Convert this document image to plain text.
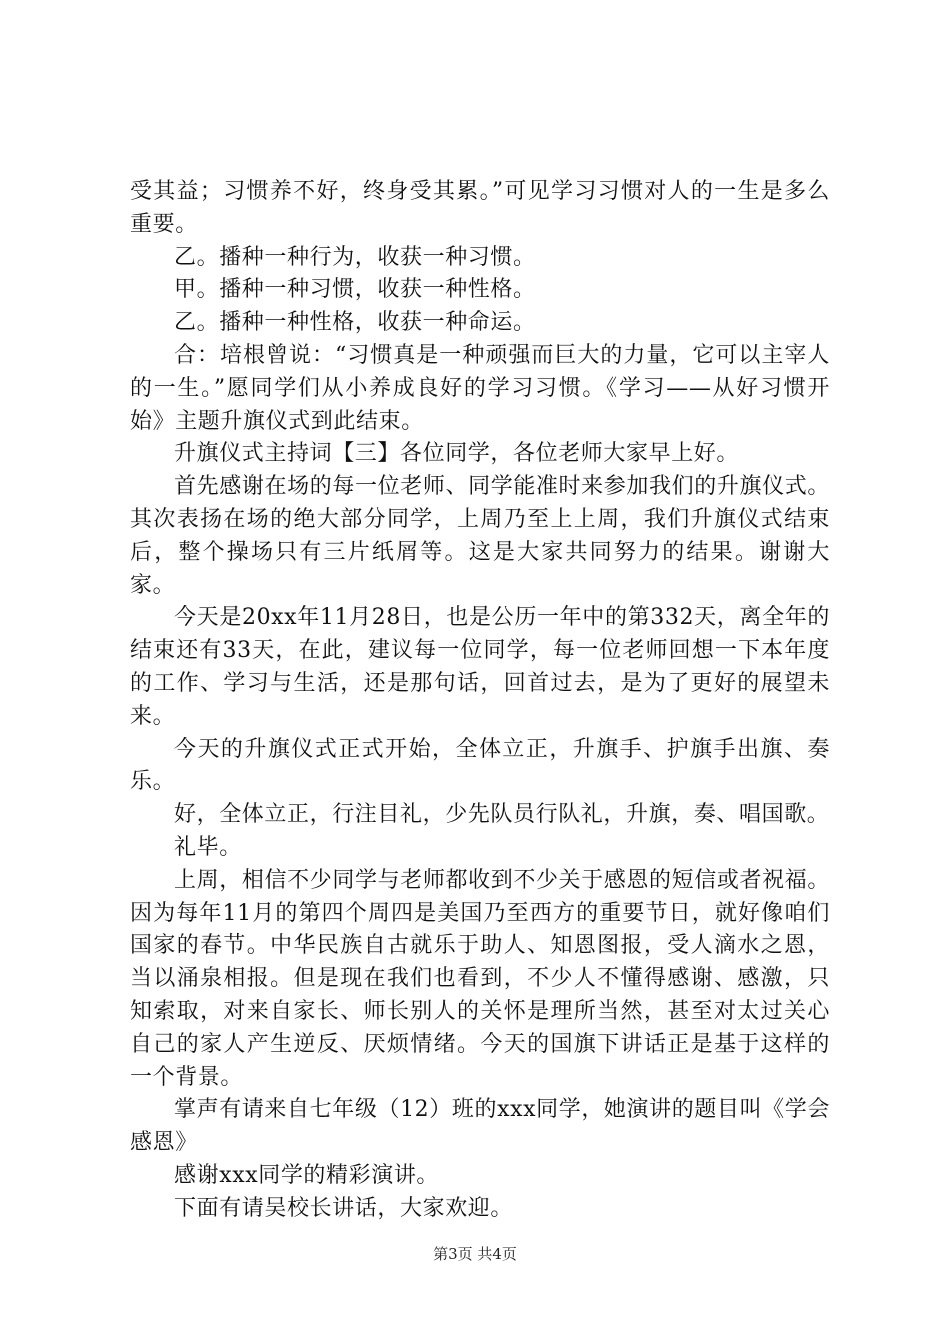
受其益；习惯养不好，终身受其累。”可见学习习惯对人的一生是多么重要。

乙。播种一种行为，收获一种习惯。

甲。播种一种习惯，收获一种性格。

乙。播种一种性格，收获一种命运。

合：培根曾说：“习惯真是一种顽强而巨大的力量，它可以主宰人的一生。”愿同学们从小养成良好的学习习惯。《学习——从好习惯开始》主题升旗仪式到此结束。

升旗仪式主持词【三】各位同学，各位老师大家早上好。

首先感谢在场的每一位老师、同学能准时来参加我们的升旗仪式。其次表扬在场的绝大部分同学，上周乃至上上周，我们升旗仪式结束后，整个操场只有三片纸屑等。这是大家共同努力的结果。谢谢大家。

今天是20xx年11月28日，也是公历一年中的第332天，离全年的结束还有33天，在此，建议每一位同学，每一位老师回想一下本年度的工作、学习与生活，还是那句话，回首过去，是为了更好的展望未来。

今天的升旗仪式正式开始，全体立正，升旗手、护旗手出旗、奏乐。

好，全体立正，行注目礼，少先队员行队礼，升旗，奏、唱国歌。

礼毕。

上周，相信不少同学与老师都收到不少关于感恩的短信或者祝福。因为每年11月的第四个周四是美国乃至西方的重要节日，就好像咱们国家的春节。中华民族自古就乐于助人、知恩图报，受人滴水之恩，当以涌泉相报。但是现在我们也看到，不少人不懂得感谢、感激，只知索取，对来自家长、师长别人的关怀是理所当然，甚至对太过关心自己的家人产生逆反、厌烦情绪。今天的国旗下讲话正是基于这样的一个背景。

掌声有请来自七年级（12）班的xxx同学，她演讲的题目叫《学会感恩》

感谢xxx同学的精彩演讲。

下面有请吴校长讲话，大家欢迎。

第3页 共4页
